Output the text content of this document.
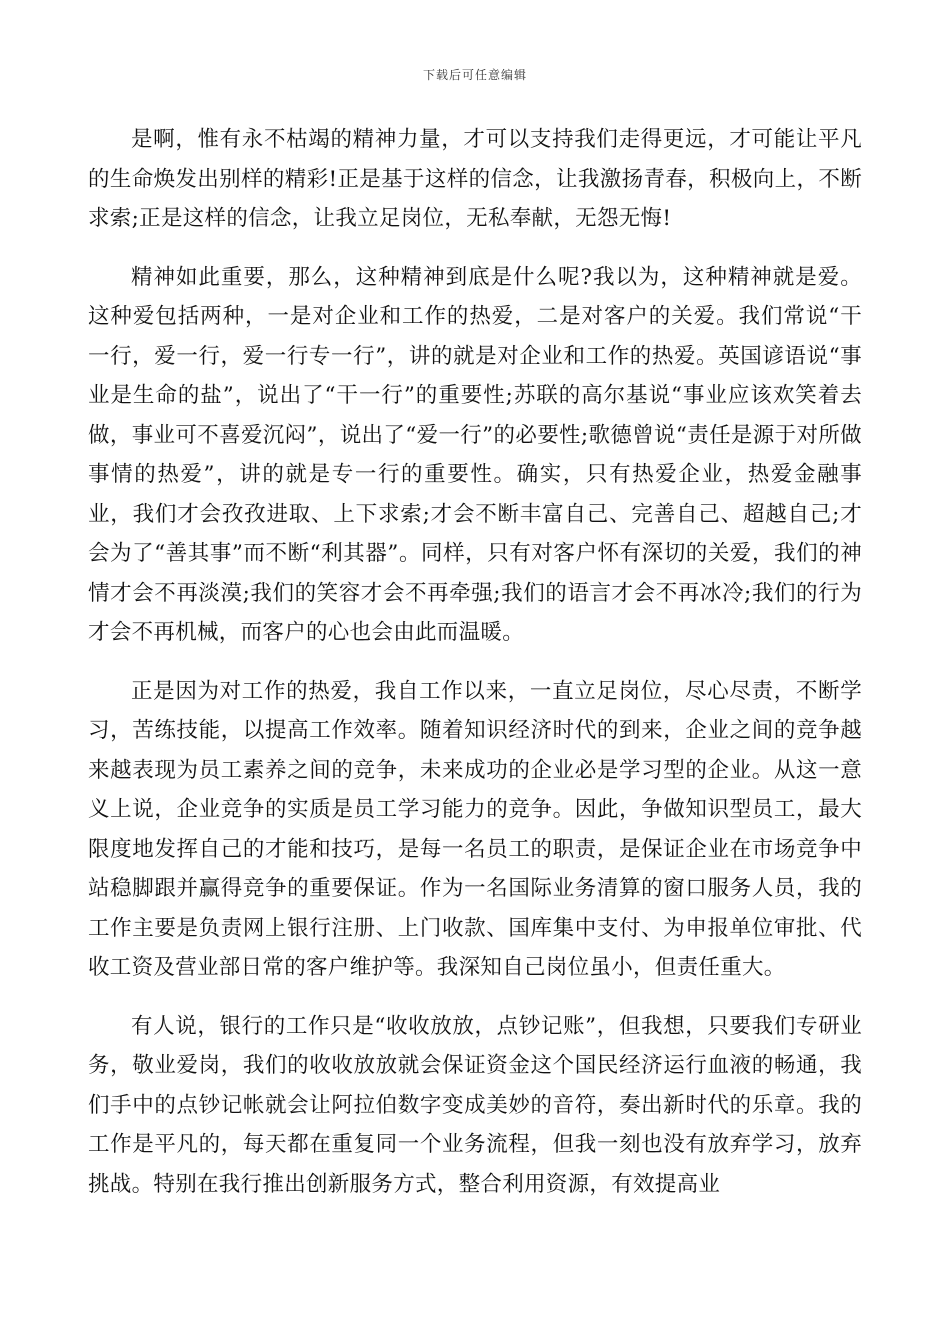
下载后可任意编辑

是啊，惟有永不枯竭的精神力量，才可以支持我们走得更远，才可能让平凡的生命焕发出别样的精彩!正是基于这样的信念，让我激扬青春，积极向上，不断求索;正是这样的信念，让我立足岗位，无私奉献，无怨无悔!

精神如此重要，那么，这种精神到底是什么呢?我以为，这种精神就是爱。这种爱包括两种，一是对企业和工作的热爱，二是对客户的关爱。我们常说“干一行，爱一行，爱一行专一行”，讲的就是对企业和工作的热爱。英国谚语说“事业是生命的盐”，说出了“干一行”的重要性;苏联的高尔基说“事业应该欢笑着去做，事业可不喜爱沉闷”，说出了“爱一行”的必要性;歌德曾说“责任是源于对所做事情的热爱”，讲的就是专一行的重要性。确实，只有热爱企业，热爱金融事业，我们才会孜孜进取、上下求索;才会不断丰富自己、完善自己、超越自己;才会为了“善其事”而不断“利其器”。同样，只有对客户怀有深切的关爱，我们的神情才会不再淡漠;我们的笑容才会不再牵强;我们的语言才会不再冰冷;我们的行为才会不再机械，而客户的心也会由此而温暖。

正是因为对工作的热爱，我自工作以来，一直立足岗位，尽心尽责，不断学习，苦练技能，以提高工作效率。随着知识经济时代的到来，企业之间的竞争越来越表现为员工素养之间的竞争，未来成功的企业必是学习型的企业。从这一意义上说，企业竞争的实质是员工学习能力的竞争。因此，争做知识型员工，最大限度地发挥自己的才能和技巧，是每一名员工的职责，是保证企业在市场竞争中站稳脚跟并赢得竞争的重要保证。作为一名国际业务清算的窗口服务人员，我的工作主要是负责网上银行注册、上门收款、国库集中支付、为申报单位审批、代收工资及营业部日常的客户维护等。我深知自己岗位虽小，但责任重大。

有人说，银行的工作只是“收收放放，点钞记账”，但我想，只要我们专研业务，敬业爱岗，我们的收收放放就会保证资金这个国民经济运行血液的畅通，我们手中的点钞记帐就会让阿拉伯数字变成美妙的音符，奏出新时代的乐章。我的工作是平凡的，每天都在重复同一个业务流程，但我一刻也没有放弃学习，放弃挑战。特别在我行推出创新服务方式，整合利用资源，有效提高业
